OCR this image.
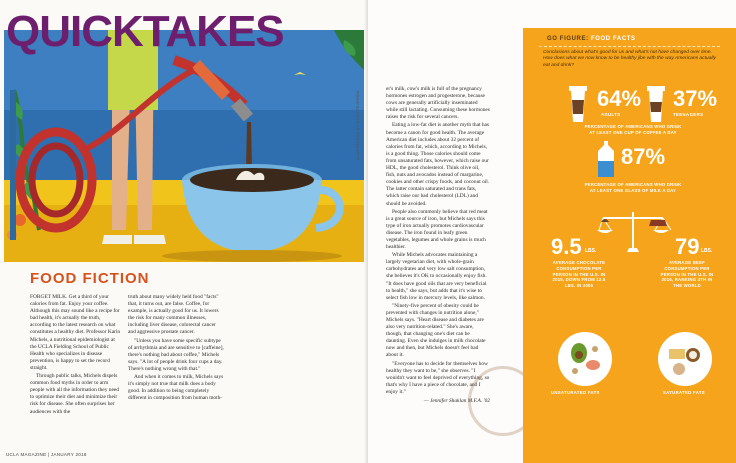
QUICKTAKES
ILLUSTRATION BY JULIETTE BORDA
FOOD FICTION

FORGET MILK. Get a third of your calories from fat. Enjoy your coffee. Although this may sound like a recipe for bad health, it's actually the truth, according to the latest research on what constitutes a healthy diet. Professor Karin Michels, a nutritional epidemiologist at the UCLA Fielding School of Public Health who specializes in disease prevention, is happy to set the record straight.

Through public talks, Michels dispels common food myths in order to arm people with all the information they need to optimize their diet and minimize their risk for disease. She often surprises her audiences with the

truth about many widely held food "facts" that, it turns out, are false. Coffee, for example, is actually good for us. It lowers the risk for many common illnesses, including liver disease, colorectal cancer and aggressive prostate cancer.

"Unless you have some specific subtype of arrhythmia and are sensitive to [caffeine], there's nothing bad about coffee," Michels says. "A lot of people drink four cups a day. There's nothing wrong with that."

And when it comes to milk, Michels says it's simply not true that milk does a body good. In addition to being completely different in composition from human moth-

UCLA MAGAZINE | JANUARY 2018

er's milk, cow's milk is full of the pregnancy hormones estrogen and progesterone, because cows are generally artificially inseminated while still lactating. Consuming these hormones raises the risk for several cancers.

Eating a low-fat diet is another myth that has become a canon for good health. The average American diet includes about 32 percent of calories from fat, which, according to Michels, is a good thing. Those calories should come from unsaturated fats, however, which raise our HDL, the good cholesterol. Think olive oil, fish, nuts and avocados instead of margarine, cookies and other crispy foods, and coconut oil. The latter contain saturated and trans fats, which raise our bad cholesterol (LDL) and should be avoided.

People also commonly believe that red meat is a great source of iron, but Michels says this type of iron actually promotes cardiovascular disease. The iron found in leafy green vegetables, legumes and whole grains is much healthier.

While Michels advocates maintaining a largely vegetarian diet, with whole-grain carbohydrates and very low salt consumption, she believes it's OK to occasionally enjoy fish. "It does have good oils that are very beneficial to health," she says, but adds that it's wise to select fish low in mercury levels, like salmon.

"Ninety-five percent of obesity could be prevented with changes in nutrition alone," Michels says. "Heart disease and diabetes are also very nutrition-related." She's aware, though, that changing one's diet can be daunting. Even she indulges in milk chocolate now and then, but Michels doesn't feel bad about it.

"Everyone has to decide for themselves how healthy they want to be," she observes. "I wouldn't want to feel deprived of everything, so that's why I have a piece of chocolate, and I enjoy it."

— Jennifer Shaklan M.F.A. '02
GO FIGURE: FOOD FACTS
Conclusions about what's good for us and what's not have changed over time. How does what we now know to be healthy jibe with the way Americans actually eat and drink?
64%
ADULTS
37%
TEENAGERS
PERCENTAGE OF AMERICANS WHO DRINK
AT LEAST ONE CUP OF COFFEE A DAY
87%
PERCENTAGE OF AMERICANS WHO DRINK
AT LEAST ONE GLASS OF MILK A DAY
9.5 LBS.	79 LBS.
AVERAGE CHOCOLATE
CONSUMPTION PER
PERSON IN THE U.S. IN
2015, DOWN FROM 12.6
LBS. IN 2005
AVERAGE BEEF
CONSUMPTION PER
PERSON IN THE U.S. IN
2016, RANKING 4TH IN
THE WORLD
UNSATURATED FATS	SATURATED FATS
